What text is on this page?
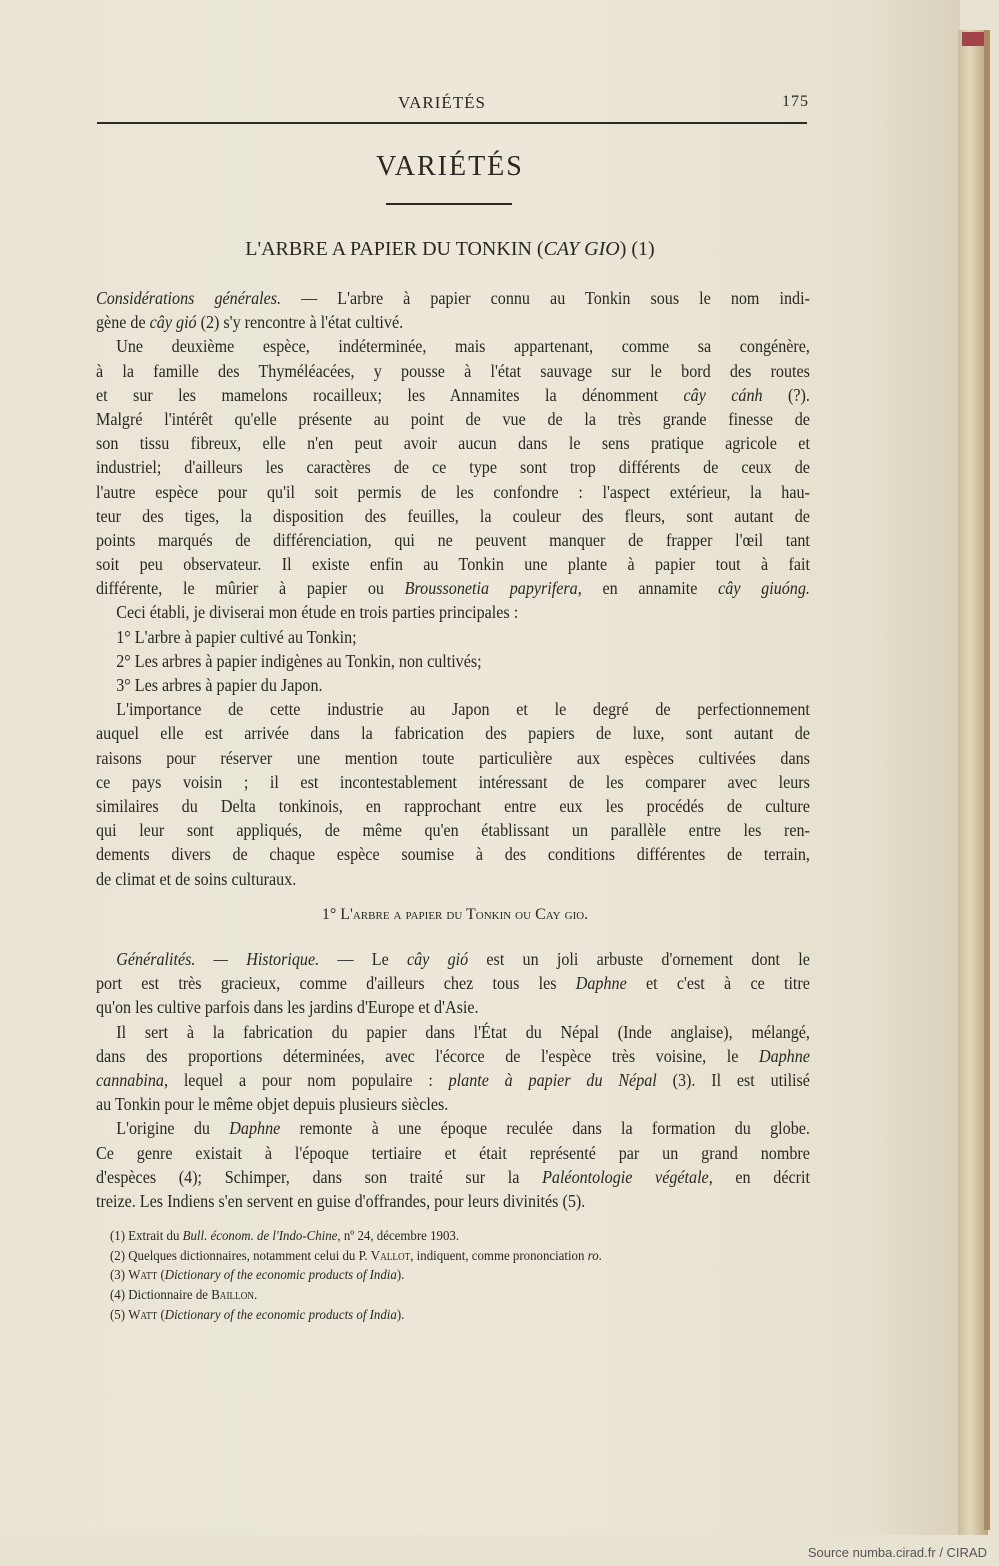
VARIÉTÉS	175
VARIÉTÉS
L'ARBRE A PAPIER DU TONKIN (CAY GIO) (1)
Considérations générales. — L'arbre à papier connu au Tonkin sous le nom indi-
gène de cây gió (2) s'y rencontre à l'état cultivé.
Une deuxième espèce, indéterminée, mais appartenant, comme sa congénère,
à la famille des Thyméléacées, y pousse à l'état sauvage sur le bord des routes
et sur les mamelons rocailleux; les Annamites la dénomment cây cánh (?).
Malgré l'intérêt qu'elle présente au point de vue de la très grande finesse de
son tissu fibreux, elle n'en peut avoir aucun dans le sens pratique agricole et
industriel; d'ailleurs les caractères de ce type sont trop différents de ceux de
l'autre espèce pour qu'il soit permis de les confondre : l'aspect extérieur, la hau-
teur des tiges, la disposition des feuilles, la couleur des fleurs, sont autant de
points marqués de différenciation, qui ne peuvent manquer de frapper l'œil tant
soit peu observateur. Il existe enfin au Tonkin une plante à papier tout à fait
différente, le mûrier à papier ou Broussonetia papyrifera, en annamite cây giuóng.
Ceci établi, je diviserai mon étude en trois parties principales :
1° L'arbre à papier cultivé au Tonkin;
2° Les arbres à papier indigènes au Tonkin, non cultivés;
3° Les arbres à papier du Japon.
L'importance de cette industrie au Japon et le degré de perfectionnement
auquel elle est arrivée dans la fabrication des papiers de luxe, sont autant de
raisons pour réserver une mention toute particulière aux espèces cultivées dans
ce pays voisin ; il est incontestablement intéressant de les comparer avec leurs
similaires du Delta tonkinois, en rapprochant entre eux les procédés de culture
qui leur sont appliqués, de même qu'en établissant un parallèle entre les ren-
dements divers de chaque espèce soumise à des conditions différentes de terrain,
de climat et de soins culturaux.
1° L'arbre a papier du Tonkin ou Cay gio.
Généralités. — Historique. — Le cây gió est un joli arbuste d'ornement dont le
port est très gracieux, comme d'ailleurs chez tous les Daphne et c'est à ce titre
qu'on les cultive parfois dans les jardins d'Europe et d'Asie.
Il sert à la fabrication du papier dans l'État du Népal (Inde anglaise), mélangé,
dans des proportions déterminées, avec l'écorce de l'espèce très voisine, le Daphne
cannabina, lequel a pour nom populaire : plante à papier du Népal (3). Il est utilisé
au Tonkin pour le même objet depuis plusieurs siècles.
L'origine du Daphne remonte à une époque reculée dans la formation du globe.
Ce genre existait à l'époque tertiaire et était représenté par un grand nombre
d'espèces (4); Schimper, dans son traité sur la Paléontologie végétale, en décrit
treize. Les Indiens s'en servent en guise d'offrandes, pour leurs divinités (5).
(1) Extrait du Bull. économ. de l'Indo-Chine, nº 24, décembre 1903.
(2) Quelques dictionnaires, notamment celui du P. Vallot, indiquent, comme prononciation ro.
(3) Watt (Dictionary of the economic products of India).
(4) Dictionnaire de Baillon.
(5) Watt (Dictionary of the economic products of India).
Source numba.cirad.fr / CIRAD
